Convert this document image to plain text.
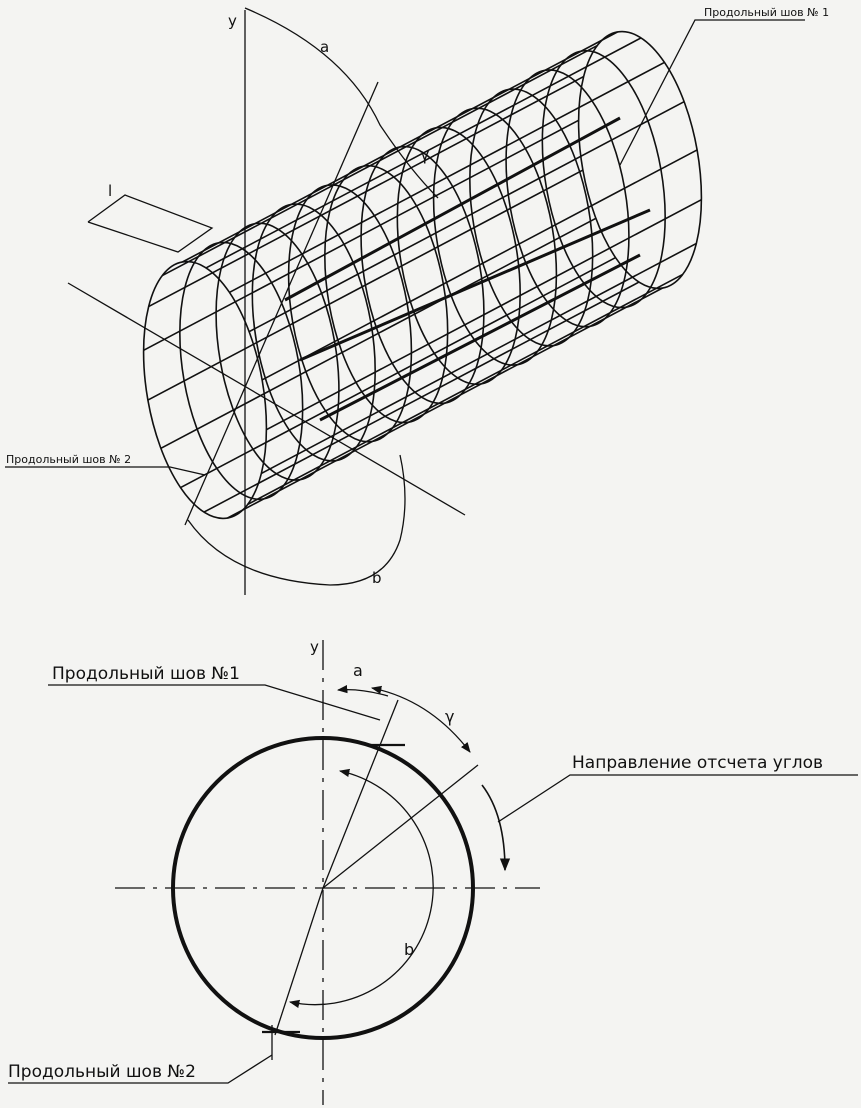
y
a
γ
l
b
Продольный шов № 1
Продольный шов № 2
y
a
γ
b
Продольный шов №1
Направление отсчета углов
Продольный шов №2
